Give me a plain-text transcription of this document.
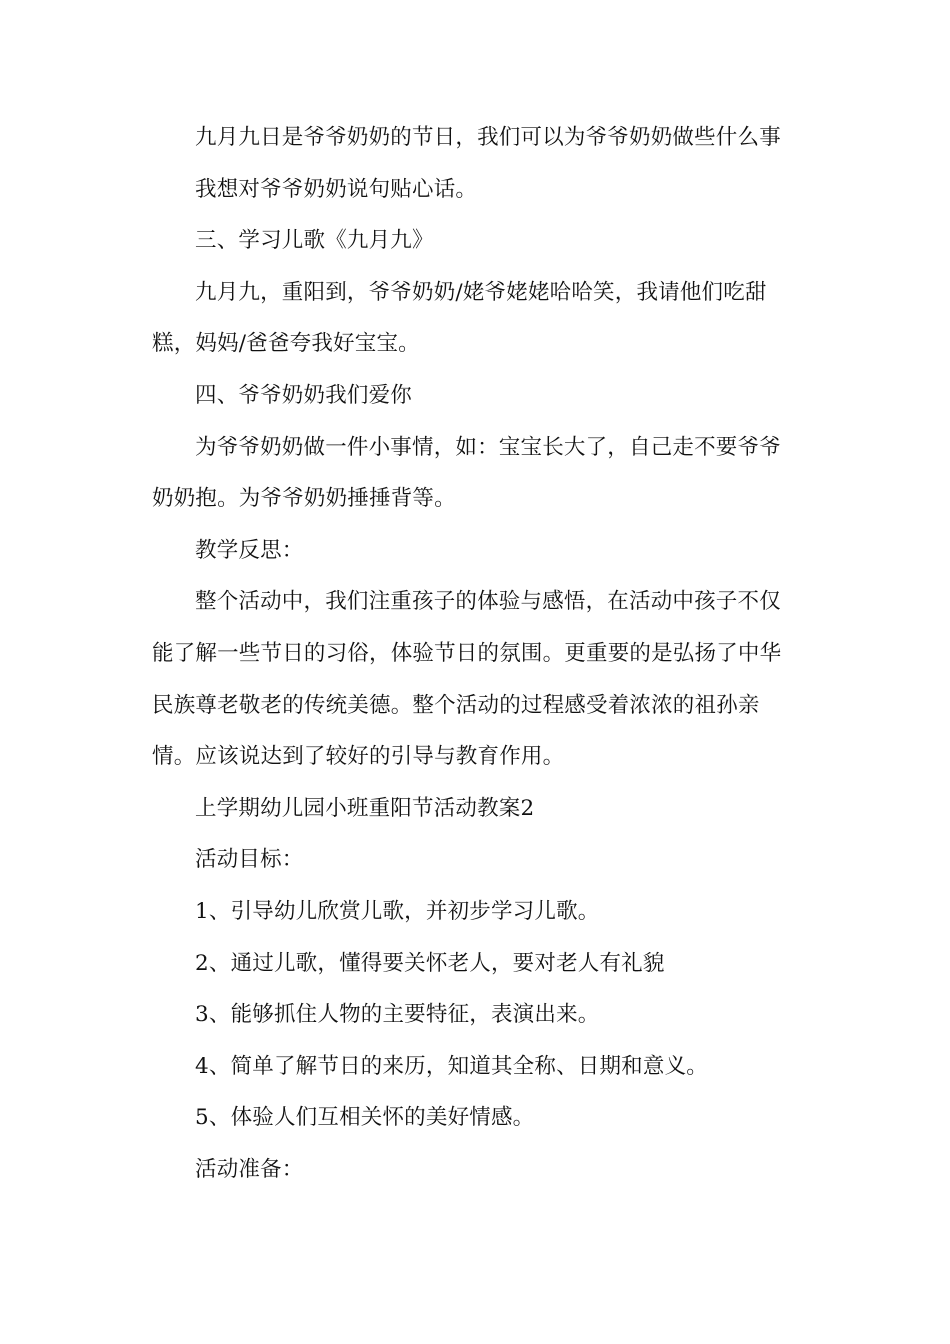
九月九日是爷爷奶奶的节日，我们可以为爷爷奶奶做些什么事

我想对爷爷奶奶说句贴心话。

三、学习儿歌《九月九》

九月九，重阳到，爷爷奶奶/姥爷姥姥哈哈笑，我请他们吃甜糕，妈妈/爸爸夸我好宝宝。

四、爷爷奶奶我们爱你

为爷爷奶奶做一件小事情，如：宝宝长大了，自己走不要爷爷奶奶抱。为爷爷奶奶捶捶背等。

教学反思：

整个活动中，我们注重孩子的体验与感悟，在活动中孩子不仅能了解一些节日的习俗，体验节日的氛围。更重要的是弘扬了中华民族尊老敬老的传统美德。整个活动的过程感受着浓浓的祖孙亲情。应该说达到了较好的引导与教育作用。

上学期幼儿园小班重阳节活动教案2

活动目标：

1、引导幼儿欣赏儿歌，并初步学习儿歌。

2、通过儿歌，懂得要关怀老人，要对老人有礼貌

3、能够抓住人物的主要特征，表演出来。

4、简单了解节日的来历，知道其全称、日期和意义。

5、体验人们互相关怀的美好情感。

活动准备：
